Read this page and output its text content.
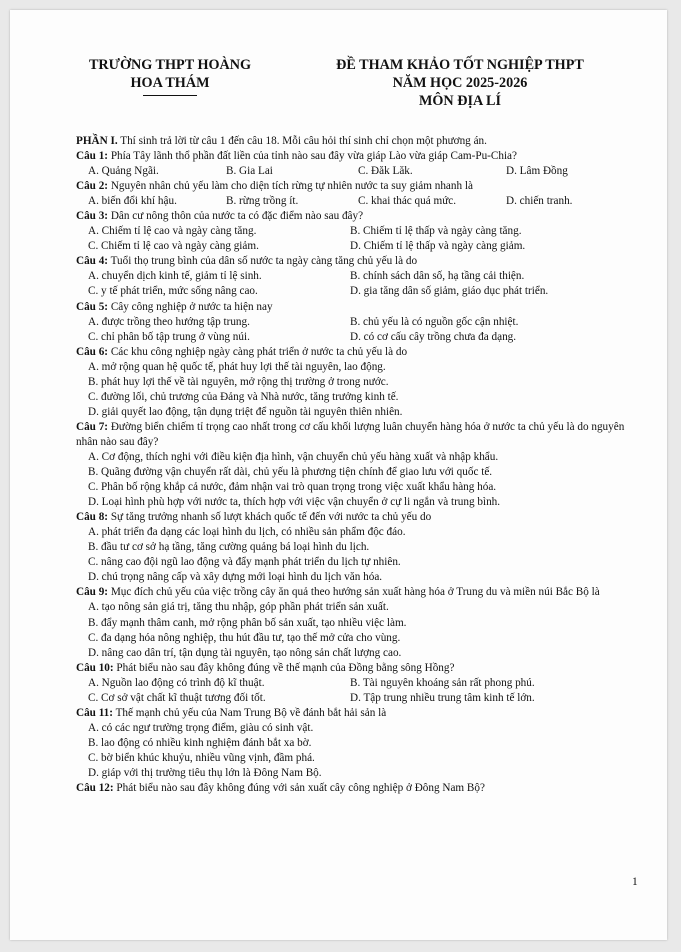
TRƯỜNG THPT HOÀNG
HOA THÁM
ĐỀ THAM KHẢO TỐT NGHIỆP THPT
NĂM HỌC 2025-2026
MÔN ĐỊA LÍ
PHẦN I. Thí sinh trả lời từ câu 1 đến câu 18. Mỗi câu hỏi thí sinh chỉ chọn một phương án.
Câu 1: Phía Tây lãnh thổ phần đất liền của tỉnh nào sau đây vừa giáp Lào vừa giáp Cam-Pu-Chia?
A. Quảng Ngãi.	B. Gia Lai	C. Đăk Lăk.	D. Lâm Đồng
Câu 2: Nguyên nhân chủ yếu làm cho diện tích rừng tự nhiên nước ta suy giảm nhanh là
A. biến đổi khí hậu.	B. rừng trồng ít.	C. khai thác quá mức.	D. chiến tranh.
Câu 3: Dân cư nông thôn của nước ta có đặc điểm nào sau đây?
A. Chiếm tỉ lệ cao và ngày càng tăng.	B. Chiếm tỉ lệ thấp và ngày càng tăng.
C. Chiếm tỉ lệ cao và ngày càng giảm.	D. Chiếm tỉ lệ thấp và ngày càng giảm.
Câu 4: Tuổi thọ trung bình của dân số nước ta ngày càng tăng chủ yếu là do
A. chuyển dịch kinh tế, giảm tỉ lệ sinh.	B. chính sách dân số, hạ tầng cải thiện.
C. y tế phát triển, mức sống nâng cao.	D. gia tăng dân số giảm, giáo dục phát triển.
Câu 5: Cây công nghiệp ở nước ta hiện nay
A. được trồng theo hướng tập trung.	B. chủ yếu là có nguồn gốc cận nhiệt.
C. chỉ phân bố tập trung ở vùng núi.	D. có cơ cấu cây trồng chưa đa dạng.
Câu 6: Các khu công nghiệp ngày càng phát triển ở nước ta chủ yếu là do
A. mở rộng quan hệ quốc tế, phát huy lợi thế tài nguyên, lao động.
B. phát huy lợi thế về tài nguyên, mở rộng thị trường ở trong nước.
C. đường lối, chủ trương của Đảng và Nhà nước, tăng trưởng kinh tế.
D. giải quyết lao động, tận dụng triệt để nguồn tài nguyên thiên nhiên.
Câu 7: Đường biển chiếm tỉ trọng cao nhất trong cơ cấu khối lượng luân chuyển hàng hóa ở nước ta chủ yếu là do nguyên nhân nào sau đây?
A. Cơ động, thích nghi với điều kiện địa hình, vận chuyển chủ yếu hàng xuất và nhập khẩu.
B. Quãng đường vận chuyển rất dài, chủ yếu là phương tiện chính để giao lưu với quốc tế.
C. Phân bố rộng khắp cả nước, đảm nhận vai trò quan trọng trong việc xuất khẩu hàng hóa.
D. Loại hình phù hợp với nước ta, thích hợp với việc vận chuyển ở cự li ngắn và trung bình.
Câu 8: Sự tăng trưởng nhanh số lượt khách quốc tế đến với nước ta chủ yếu do
A. phát triển đa dạng các loại hình du lịch, có nhiều sản phẩm độc đáo.
B. đầu tư cơ sở hạ tầng, tăng cường quảng bá loại hình du lịch.
C. nâng cao đội ngũ lao động và đẩy mạnh phát triển du lịch tự nhiên.
D. chú trọng nâng cấp và xây dựng mới loại hình du lịch văn hóa.
Câu 9: Mục đích chủ yếu của việc trồng cây ăn quả theo hướng sản xuất hàng hóa ở Trung du và miền núi Bắc Bộ là
A. tạo nông sản giá trị, tăng thu nhập, góp phần phát triển sản xuất.
B. đẩy mạnh thâm canh, mở rộng phân bố sản xuất, tạo nhiều việc làm.
C. đa dạng hóa nông nghiệp, thu hút đầu tư, tạo thế mở cửa cho vùng.
D. nâng cao dân trí, tận dụng tài nguyên, tạo nông sản chất lượng cao.
Câu 10: Phát biểu nào sau đây không đúng về thế mạnh của Đồng bằng sông Hồng?
A. Nguồn lao động có trình độ kĩ thuật.	B. Tài nguyên khoáng sản rất phong phú.
C. Cơ sở vật chất kĩ thuật tương đối tốt.	D. Tập trung nhiều trung tâm kinh tế lớn.
Câu 11: Thế mạnh chủ yếu của Nam Trung Bộ về đánh bắt hải sản là
A. có các ngư trường trọng điểm, giàu có sinh vật.
B. lao động có nhiều kinh nghiệm đánh bắt xa bờ.
C. bờ biển khúc khuỷu, nhiều vũng vịnh, đầm phá.
D. giáp với thị trường tiêu thụ lớn là Đông Nam Bộ.
Câu 12: Phát biểu nào sau đây không đúng với sản xuất cây công nghiệp ở Đông Nam Bộ?
1
